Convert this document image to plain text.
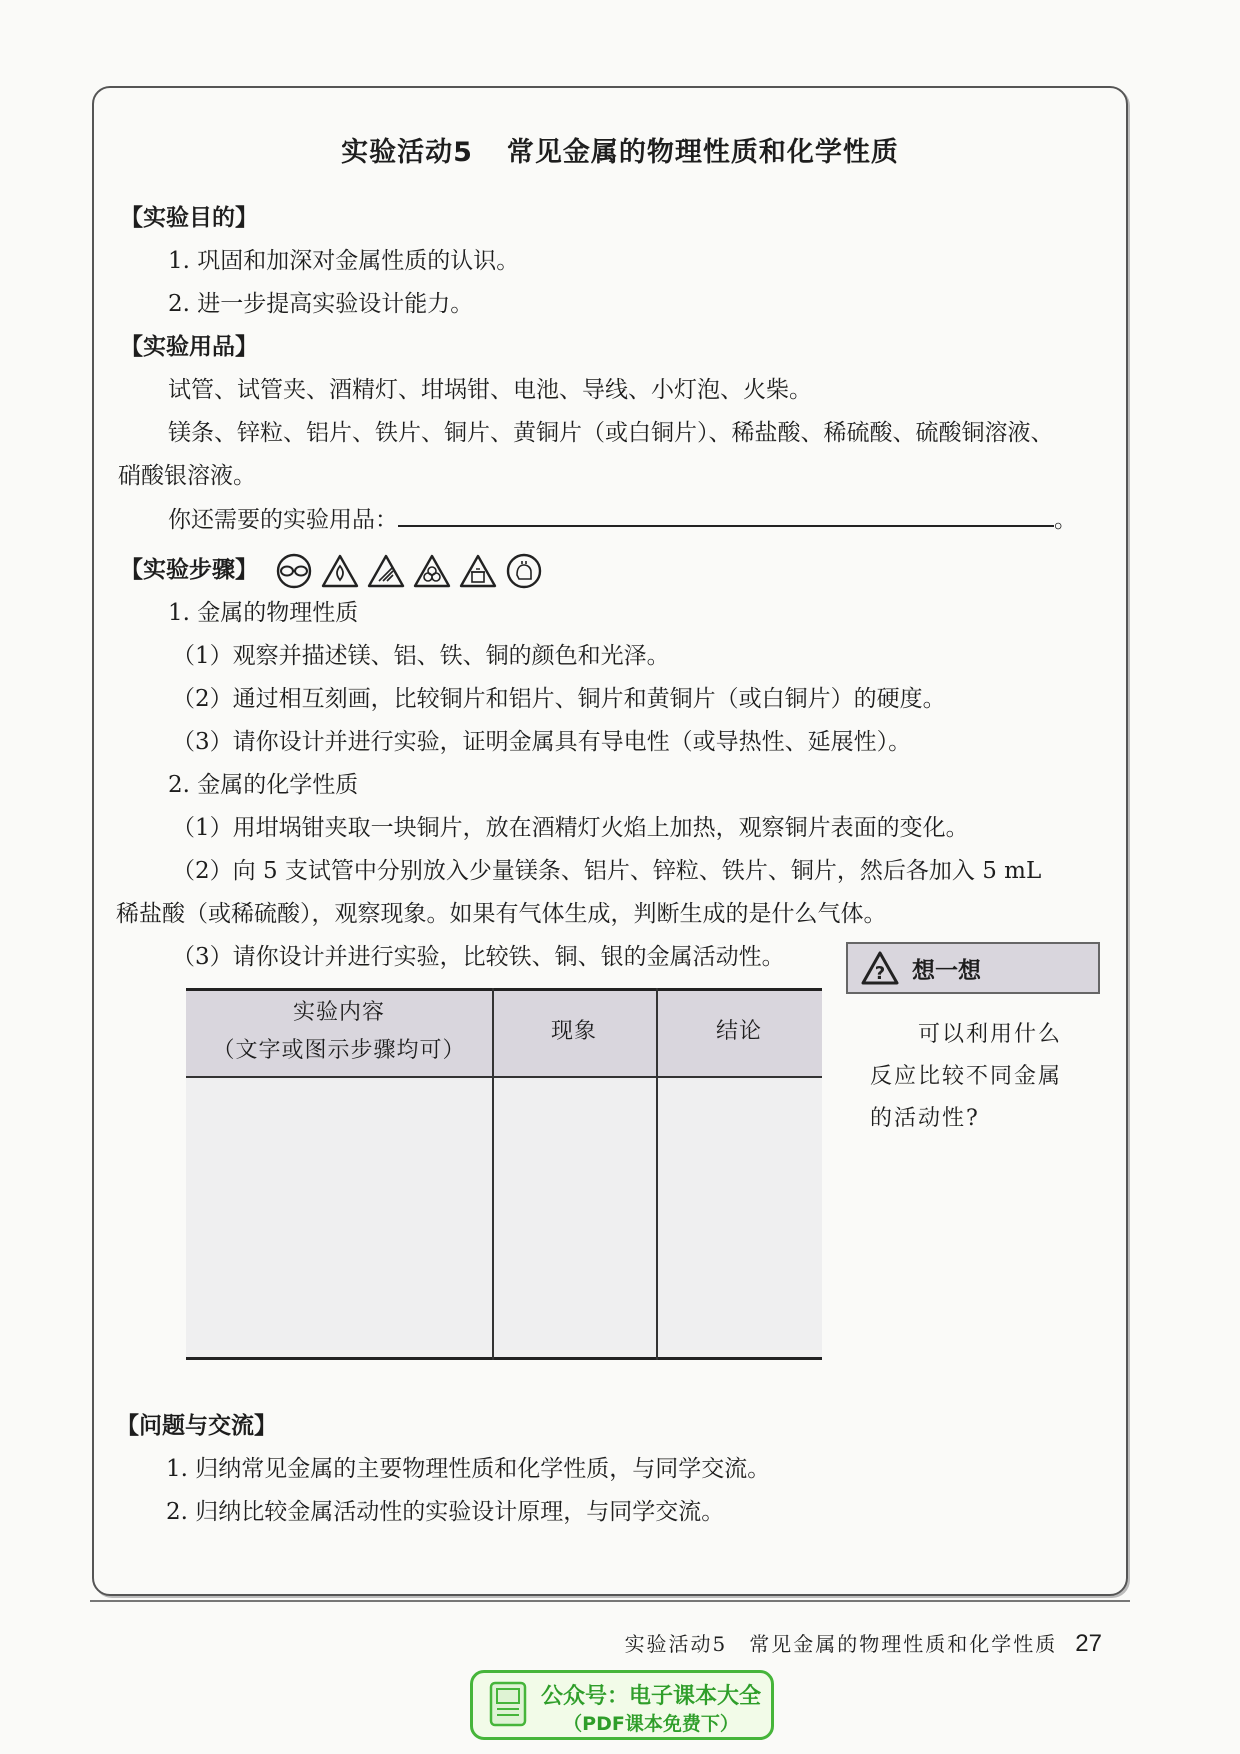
实验活动5 常见金属的物理性质和化学性质
【实验目的】
1. 巩固和加深对金属性质的认识。
2. 进一步提高实验设计能力。
【实验用品】
试管、试管夹、酒精灯、坩埚钳、电池、导线、小灯泡、火柴。
镁条、锌粒、铝片、铁片、铜片、黄铜片（或白铜片）、稀盐酸、稀硫酸、硫酸铜溶液、
硝酸银溶液。
你还需要的实验用品：	。
【实验步骤】
1. 金属的物理性质
（1）观察并描述镁、铝、铁、铜的颜色和光泽。
（2）通过相互刻画，比较铜片和铝片、铜片和黄铜片（或白铜片）的硬度。
（3）请你设计并进行实验，证明金属具有导电性（或导热性、延展性）。
2. 金属的化学性质
（1）用坩埚钳夹取一块铜片，放在酒精灯火焰上加热，观察铜片表面的变化。
（2）向 5 支试管中分别放入少量镁条、铝片、锌粒、铁片、铜片，然后各加入 5 mL
稀盐酸（或稀硫酸），观察现象。如果有气体生成，判断生成的是什么气体。
（3）请你设计并进行实验，比较铁、铜、银的金属活动性。
实验内容
（文字或图示步骤均可）
现象	结论
? 想一想
　　可以利用什么
反应比较不同金属
的活动性?
【问题与交流】
1. 归纳常见金属的主要物理性质和化学性质，与同学交流。
2. 归纳比较金属活动性的实验设计原理，与同学交流。
实验活动5　常见金属的物理性质和化学性质 27
公众号：电子课本大全
（PDF课本免费下）
